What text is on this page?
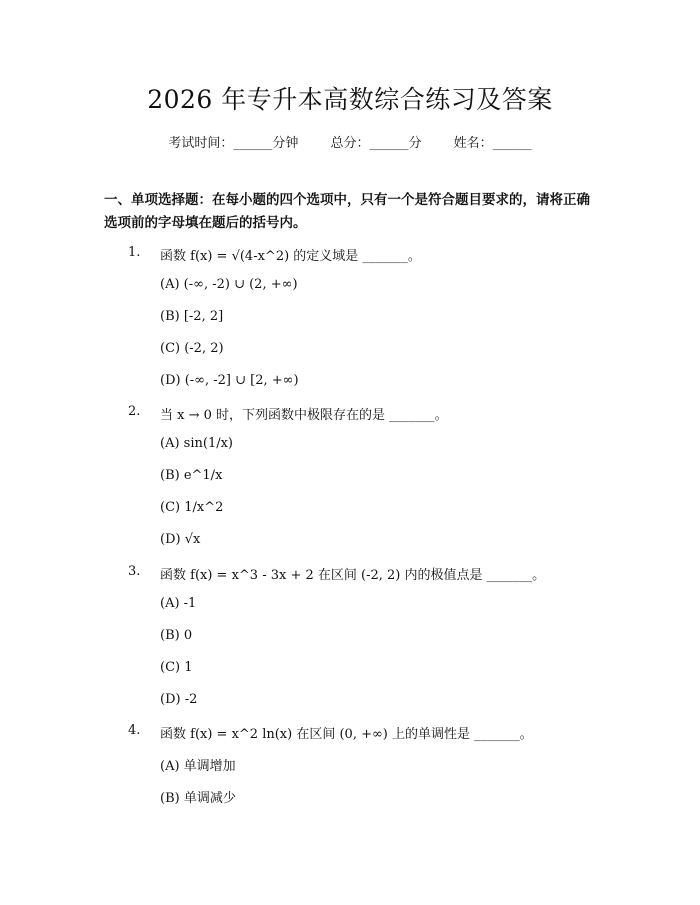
2026 年专升本高数综合练习及答案
考试时间：______分钟 总分：______分 姓名：______
一、单项选择题：在每小题的四个选项中，只有一个是符合题目要求的，请将正确选项前的字母填在题后的括号内。
1.	函数 f(x) = √(4-x^2) 的定义域是 _______。
(A) (-∞, -2) ∪ (2, +∞)
(B) [-2, 2]
(C) (-2, 2)
(D) (-∞, -2] ∪ [2, +∞)
2.	当 x → 0 时，下列函数中极限存在的是 _______。
(A) sin(1/x)
(B) e^1/x
(C) 1/x^2
(D) √x
3.	函数 f(x) = x^3 - 3x + 2 在区间 (-2, 2) 内的极值点是 _______。
(A) -1
(B) 0
(C) 1
(D) -2
4.	函数 f(x) = x^2 ln(x) 在区间 (0, +∞) 上的单调性是 _______。
(A) 单调增加
(B) 单调减少
